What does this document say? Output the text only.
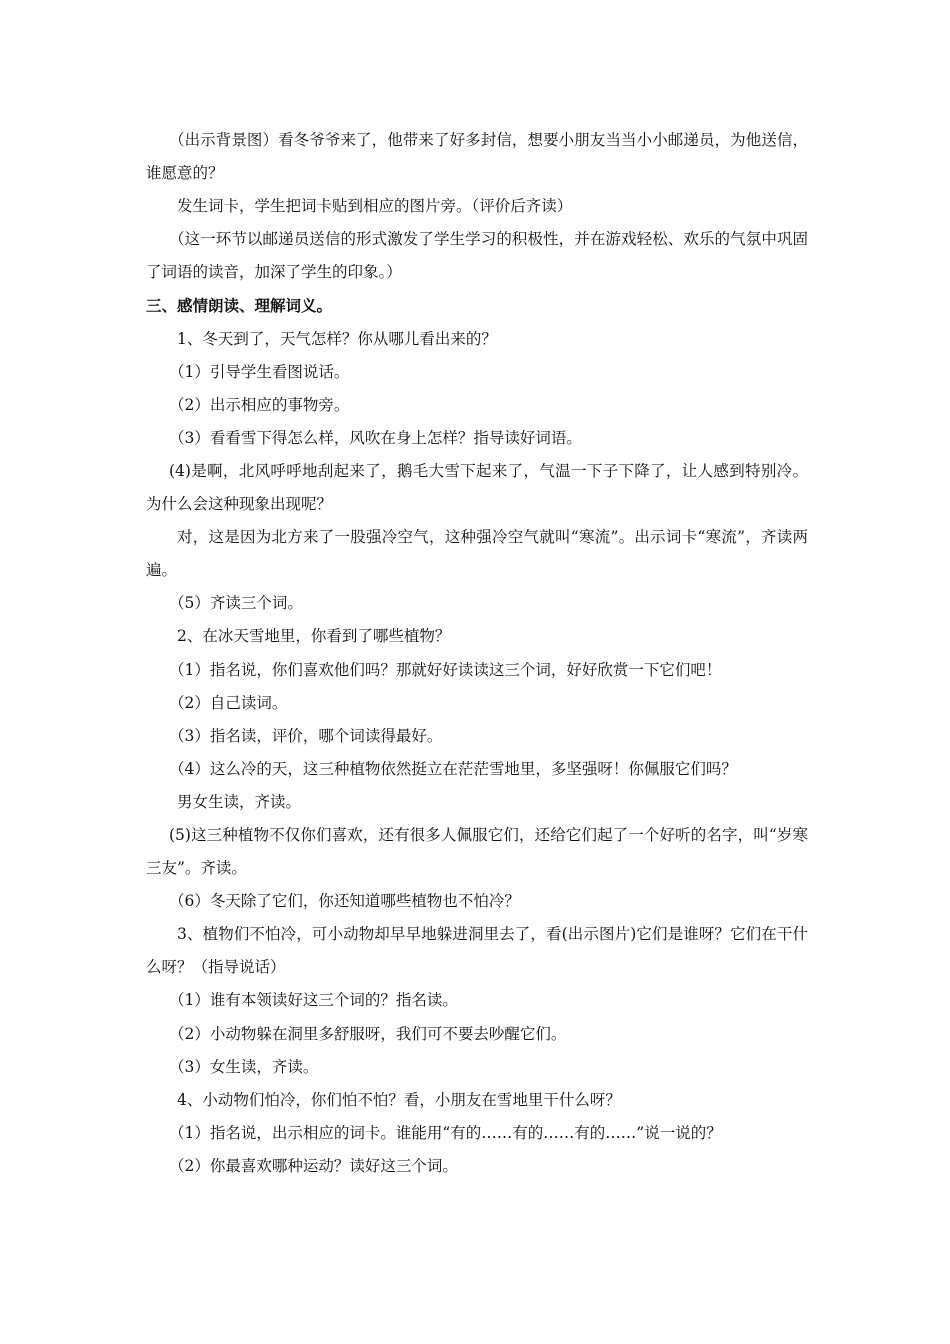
（出示背景图）看冬爷爷来了，他带来了好多封信，想要小朋友当当小小邮递员，为他送信，谁愿意的？

发生词卡，学生把词卡贴到相应的图片旁。（评价后齐读）

（这一环节以邮递员送信的形式激发了学生学习的积极性，并在游戏轻松、欢乐的气氛中巩固了词语的读音，加深了学生的印象。）

三、感情朗读、理解词义。

1、冬天到了，天气怎样？你从哪儿看出来的？

（1）引导学生看图说话。

（2）出示相应的事物旁。

（3）看看雪下得怎么样，风吹在身上怎样？指导读好词语。

(4)是啊，北风呼呼地刮起来了，鹅毛大雪下起来了，气温一下子下降了，让人感到特别冷。为什么会这种现象出现呢？

对，这是因为北方来了一股强冷空气，这种强冷空气就叫“寒流”。出示词卡“寒流”，齐读两遍。

（5）齐读三个词。

2、在冰天雪地里，你看到了哪些植物？

（1）指名说，你们喜欢他们吗？那就好好读读这三个词，好好欣赏一下它们吧！

（2）自己读词。

（3）指名读，评价，哪个词读得最好。

（4）这么冷的天，这三种植物依然挺立在茫茫雪地里，多坚强呀！你佩服它们吗？

男女生读，齐读。

(5)这三种植物不仅你们喜欢，还有很多人佩服它们，还给它们起了一个好听的名字，叫“岁寒三友”。齐读。

（6）冬天除了它们，你还知道哪些植物也不怕冷？

3、植物们不怕冷，可小动物却早早地躲进洞里去了，看(出示图片)它们是谁呀？它们在干什么呀？（指导说话）

（1）谁有本领读好这三个词的？指名读。

（2）小动物躲在洞里多舒服呀，我们可不要去吵醒它们。

（3）女生读，齐读。

4、小动物们怕冷，你们怕不怕？看，小朋友在雪地里干什么呀？

（1）指名说，出示相应的词卡。谁能用“有的……有的……有的……”说一说的？

（2）你最喜欢哪种运动？读好这三个词。
